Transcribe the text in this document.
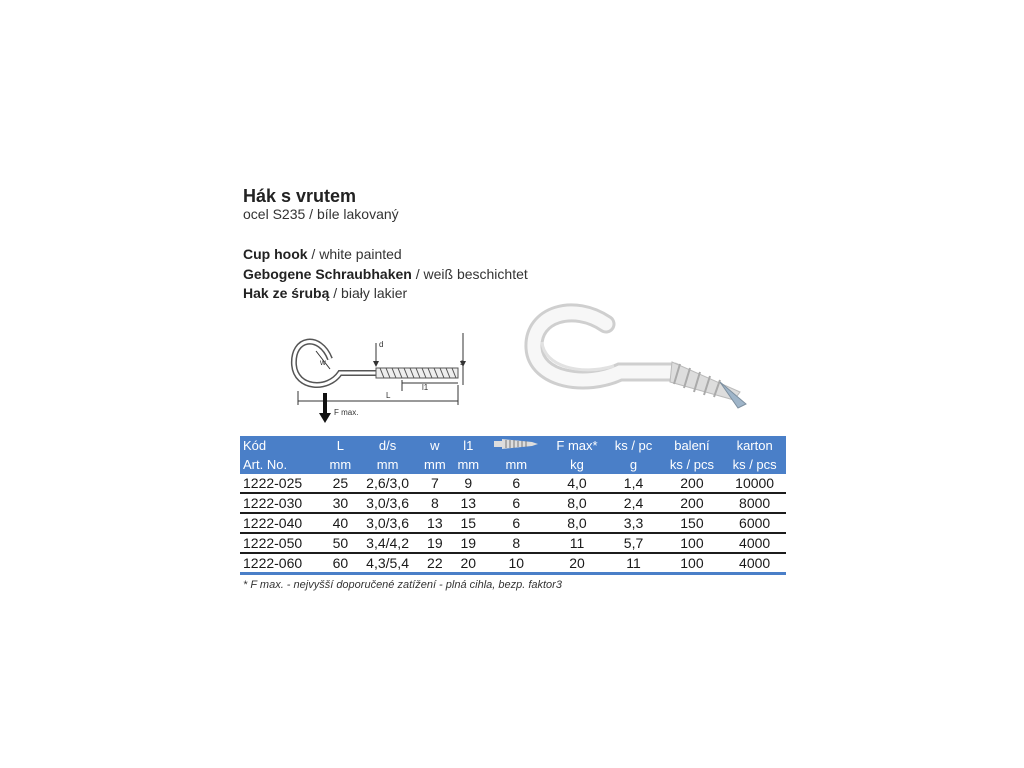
Hák s vrutem
ocel S235 / bíle lakovaný
Cup hook / white painted
Gebogene Schraubhaken / weiß beschichtet
Hak ze śrubą / biały lakier
d
s
w
l1
L
F max.
Kód	L	d/s	w	l1		F max*	ks / pc	balení	karton
Art. No.	mm	mm	mm	mm	mm	kg	g	ks / pcs	ks / pcs
1222-025	25	2,6/3,0	7	9	6	4,0	1,4	200	10000
1222-030	30	3,0/3,6	8	13	6	8,0	2,4	200	8000
1222-040	40	3,0/3,6	13	15	6	8,0	3,3	150	6000
1222-050	50	3,4/4,2	19	19	8	11	5,7	100	4000
1222-060	60	4,3/5,4	22	20	10	20	11	100	4000
* F max. - nejvyšší doporučené zatížení - plná cihla, bezp. faktor3
